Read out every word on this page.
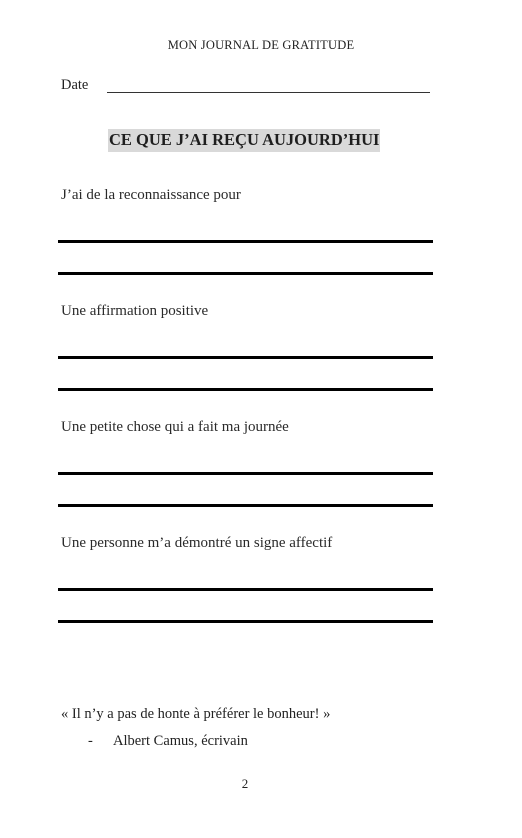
MON JOURNAL DE GRATITUDE
Date
CE QUE J’AI REÇU AUJOURD’HUI
J’ai de la reconnaissance pour
Une affirmation positive
Une petite chose qui a fait ma journée
Une personne m’a démontré un signe affectif
« Il n’y a pas de honte à préférer le bonheur! »
- Albert Camus, écrivain
2
